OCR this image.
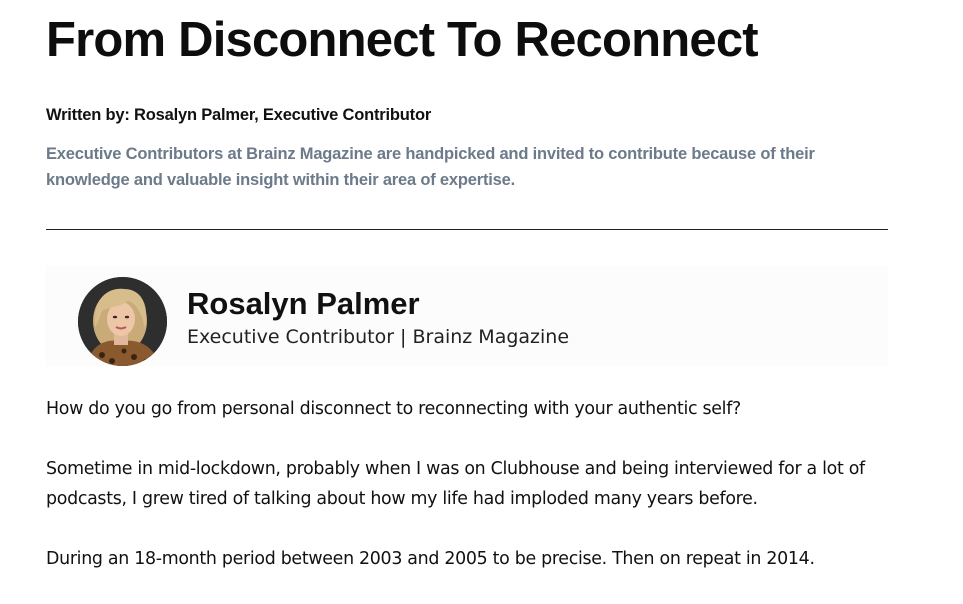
From Disconnect To Reconnect
Written by: Rosalyn Palmer, Executive Contributor
Executive Contributors at Brainz Magazine are handpicked and invited to contribute because of their knowledge and valuable insight within their area of expertise.
Rosalyn Palmer
Executive Contributor | Brainz Magazine

How do you go from personal disconnect to reconnecting with your authentic self?

Sometime in mid-lockdown, probably when I was on Clubhouse and being interviewed for a lot of podcasts, I grew tired of talking about how my life had imploded many years before.

During an 18-month period between 2003 and 2005 to be precise. Then on repeat in 2014.
